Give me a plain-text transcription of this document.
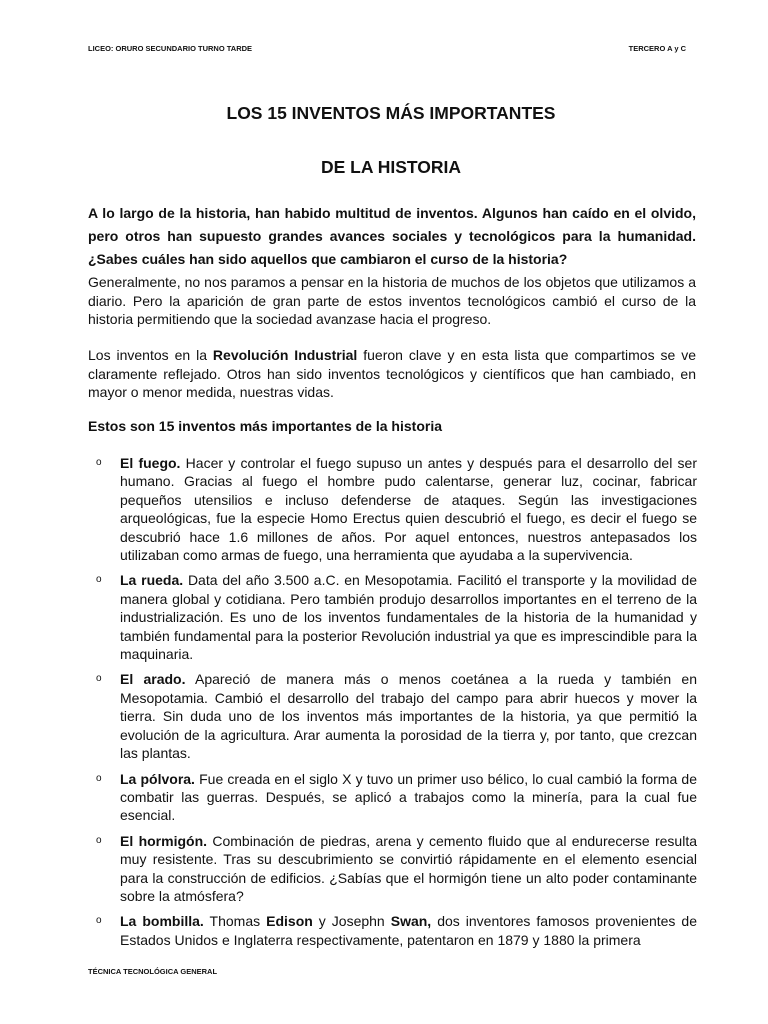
LICEO: ORURO SECUNDARIO TURNO TARDE	TERCERO A y C
LOS 15 INVENTOS MÁS IMPORTANTES
DE LA HISTORIA
A lo largo de la historia, han habido multitud de inventos. Algunos han caído en el olvido, pero otros han supuesto grandes avances sociales y tecnológicos para la humanidad. ¿Sabes cuáles han sido aquellos que cambiaron el curso de la historia?
Generalmente, no nos paramos a pensar en la historia de muchos de los objetos que utilizamos a diario. Pero la aparición de gran parte de estos inventos tecnológicos cambió el curso de la historia permitiendo que la sociedad avanzase hacia el progreso.
Los inventos en la Revolución Industrial fueron clave y en esta lista que compartimos se ve claramente reflejado. Otros han sido inventos tecnológicos y científicos que han cambiado, en mayor o menor medida, nuestras vidas.
Estos son 15 inventos más importantes de la historia
o El fuego. Hacer y controlar el fuego supuso un antes y después para el desarrollo del ser humano. Gracias al fuego el hombre pudo calentarse, generar luz, cocinar, fabricar pequeños utensilios e incluso defenderse de ataques. Según las investigaciones arqueológicas, fue la especie Homo Erectus quien descubrió el fuego, es decir el fuego se descubrió hace 1.6 millones de años. Por aquel entonces, nuestros antepasados los utilizaban como armas de fuego, una herramienta que ayudaba a la supervivencia.
o La rueda. Data del año 3.500 a.C. en Mesopotamia. Facilitó el transporte y la movilidad de manera global y cotidiana. Pero también produjo desarrollos importantes en el terreno de la industrialización. Es uno de los inventos fundamentales de la historia de la humanidad y también fundamental para la posterior Revolución industrial ya que es imprescindible para la maquinaria.
o El arado. Apareció de manera más o menos coetánea a la rueda y también en Mesopotamia. Cambió el desarrollo del trabajo del campo para abrir huecos y mover la tierra. Sin duda uno de los inventos más importantes de la historia, ya que permitió la evolución de la agricultura. Arar aumenta la porosidad de la tierra y, por tanto, que crezcan las plantas.
o La pólvora. Fue creada en el siglo X y tuvo un primer uso bélico, lo cual cambió la forma de combatir las guerras. Después, se aplicó a trabajos como la minería, para la cual fue esencial.
o El hormigón. Combinación de piedras, arena y cemento fluido que al endurecerse resulta muy resistente. Tras su descubrimiento se convirtió rápidamente en el elemento esencial para la construcción de edificios. ¿Sabías que el hormigón tiene un alto poder contaminante sobre la atmósfera?
o La bombilla. Thomas Edison y Josephn Swan, dos inventores famosos provenientes de Estados Unidos e Inglaterra respectivamente, patentaron en 1879 y 1880 la primera
TÉCNICA TECNOLÓGICA GENERAL
